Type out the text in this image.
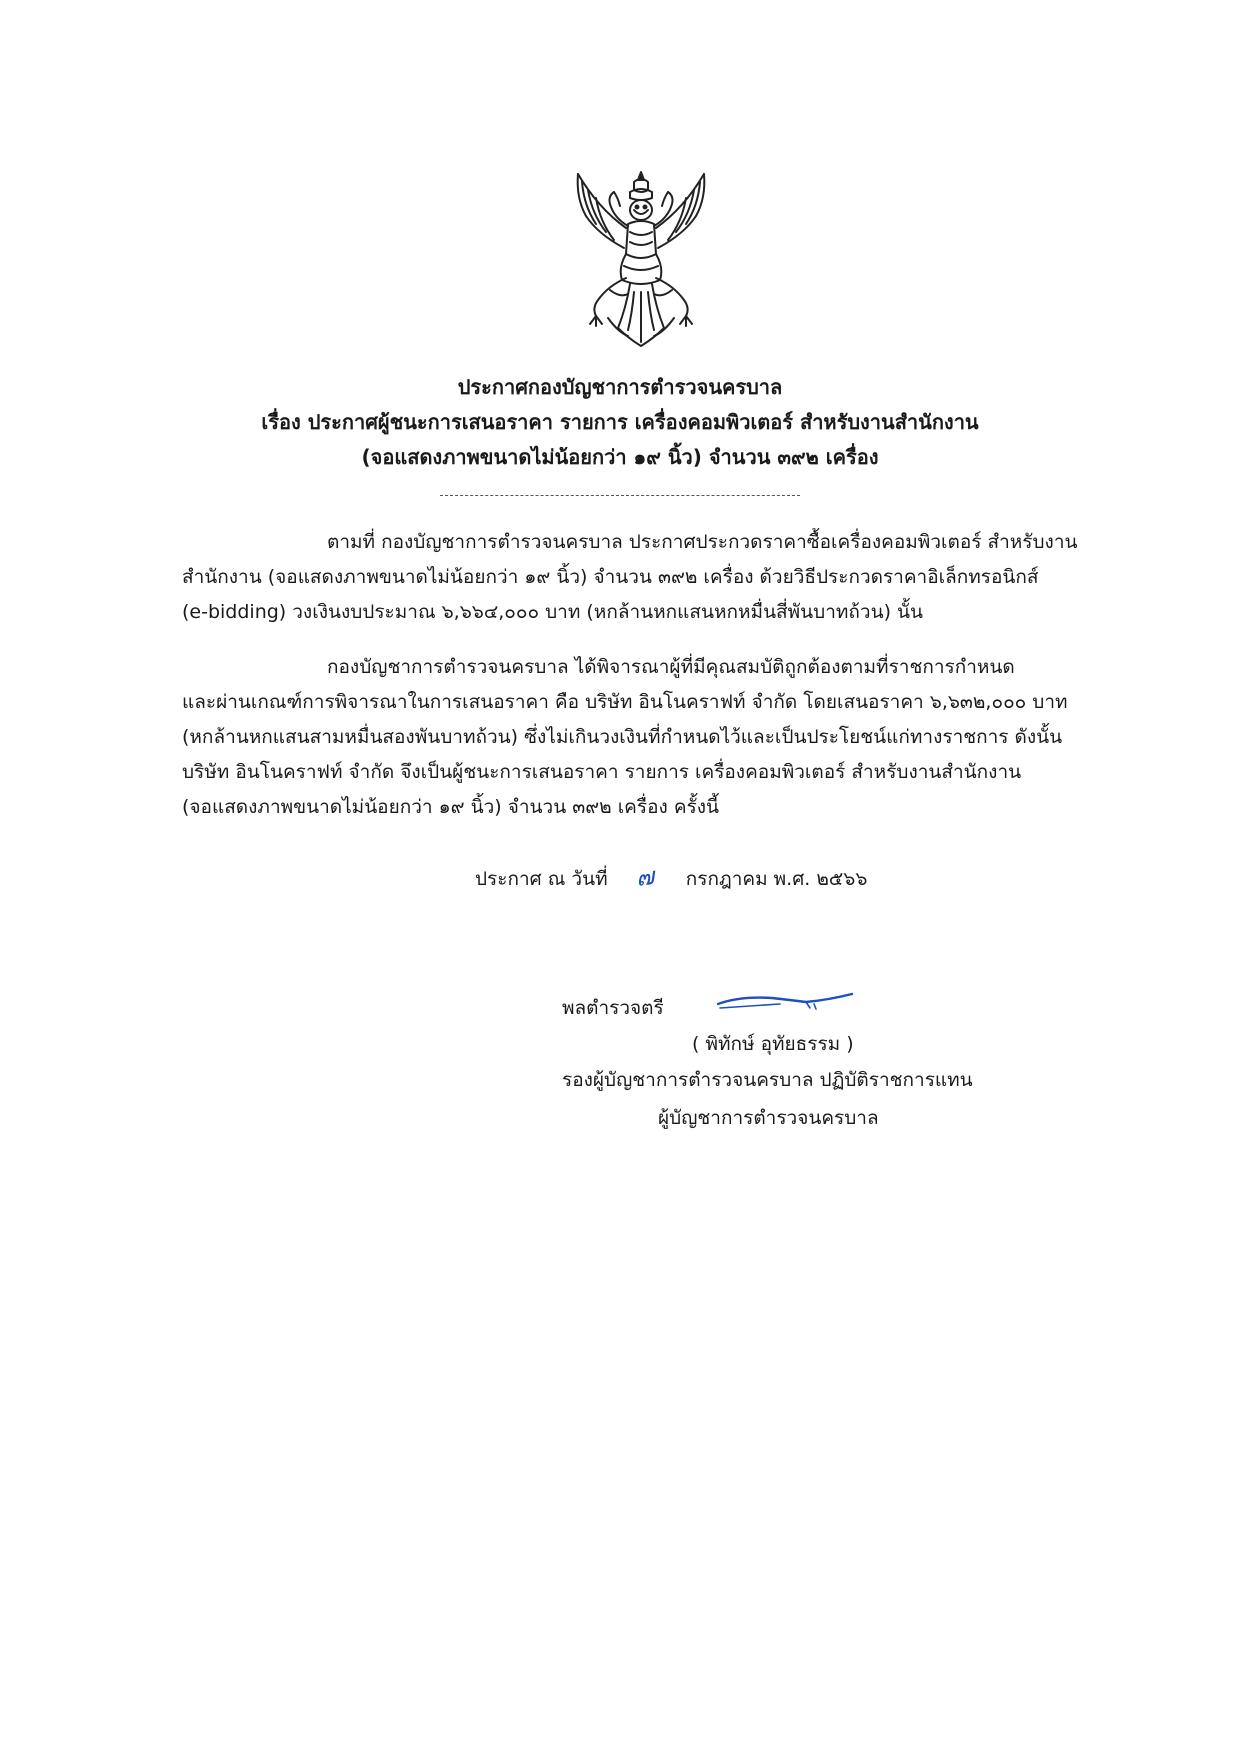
ประกาศกองบัญชาการตำรวจนครบาล
เรื่อง ประกาศผู้ชนะการเสนอราคา รายการ เครื่องคอมพิวเตอร์ สำหรับงานสำนักงาน
(จอแสดงภาพขนาดไม่น้อยกว่า ๑๙ นิ้ว) จำนวน ๓๙๒ เครื่อง
ตามที่ กองบัญชาการตำรวจนครบาล ประกาศประกวดราคาซื้อเครื่องคอมพิวเตอร์ สำหรับงาน
สำนักงาน (จอแสดงภาพขนาดไม่น้อยกว่า ๑๙ นิ้ว) จำนวน ๓๙๒ เครื่อง ด้วยวิธีประกวดราคาอิเล็กทรอนิกส์
(e-bidding) วงเงินงบประมาณ ๖,๖๖๔,๐๐๐ บาท (หกล้านหกแสนหกหมื่นสี่พันบาทถ้วน) นั้น
กองบัญชาการตำรวจนครบาล ได้พิจารณาผู้ที่มีคุณสมบัติถูกต้องตามที่ราชการกำหนด
และผ่านเกณฑ์การพิจารณาในการเสนอราคา คือ บริษัท อินโนคราฟท์ จำกัด โดยเสนอราคา ๖,๖๓๒,๐๐๐ บาท
(หกล้านหกแสนสามหมื่นสองพันบาทถ้วน) ซึ่งไม่เกินวงเงินที่กำหนดไว้และเป็นประโยชน์แก่ทางราชการ ดังนั้น
บริษัท อินโนคราฟท์ จำกัด จึงเป็นผู้ชนะการเสนอราคา รายการ เครื่องคอมพิวเตอร์ สำหรับงานสำนักงาน
(จอแสดงภาพขนาดไม่น้อยกว่า ๑๙ นิ้ว) จำนวน ๓๙๒ เครื่อง ครั้งนี้
ประกาศ ณ วันที่ ๗ กรกฎาคม พ.ศ. ๒๕๖๖
พลตำรวจตรี
( พิทักษ์ อุทัยธรรม )
รองผู้บัญชาการตำรวจนครบาล ปฏิบัติราชการแทน
ผู้บัญชาการตำรวจนครบาล
